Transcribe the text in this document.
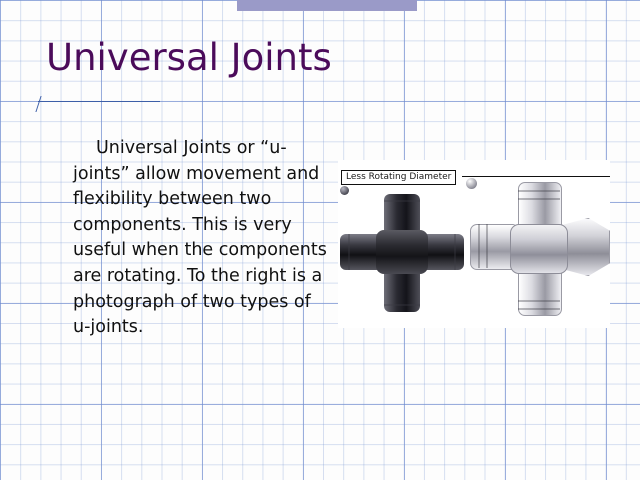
Universal Joints
Universal Joints or “u-joints” allow movement and flexibility between two components. This is very useful when the components are rotating. To the right is a photograph of two types of u-joints.
Less Rotating Diameter
